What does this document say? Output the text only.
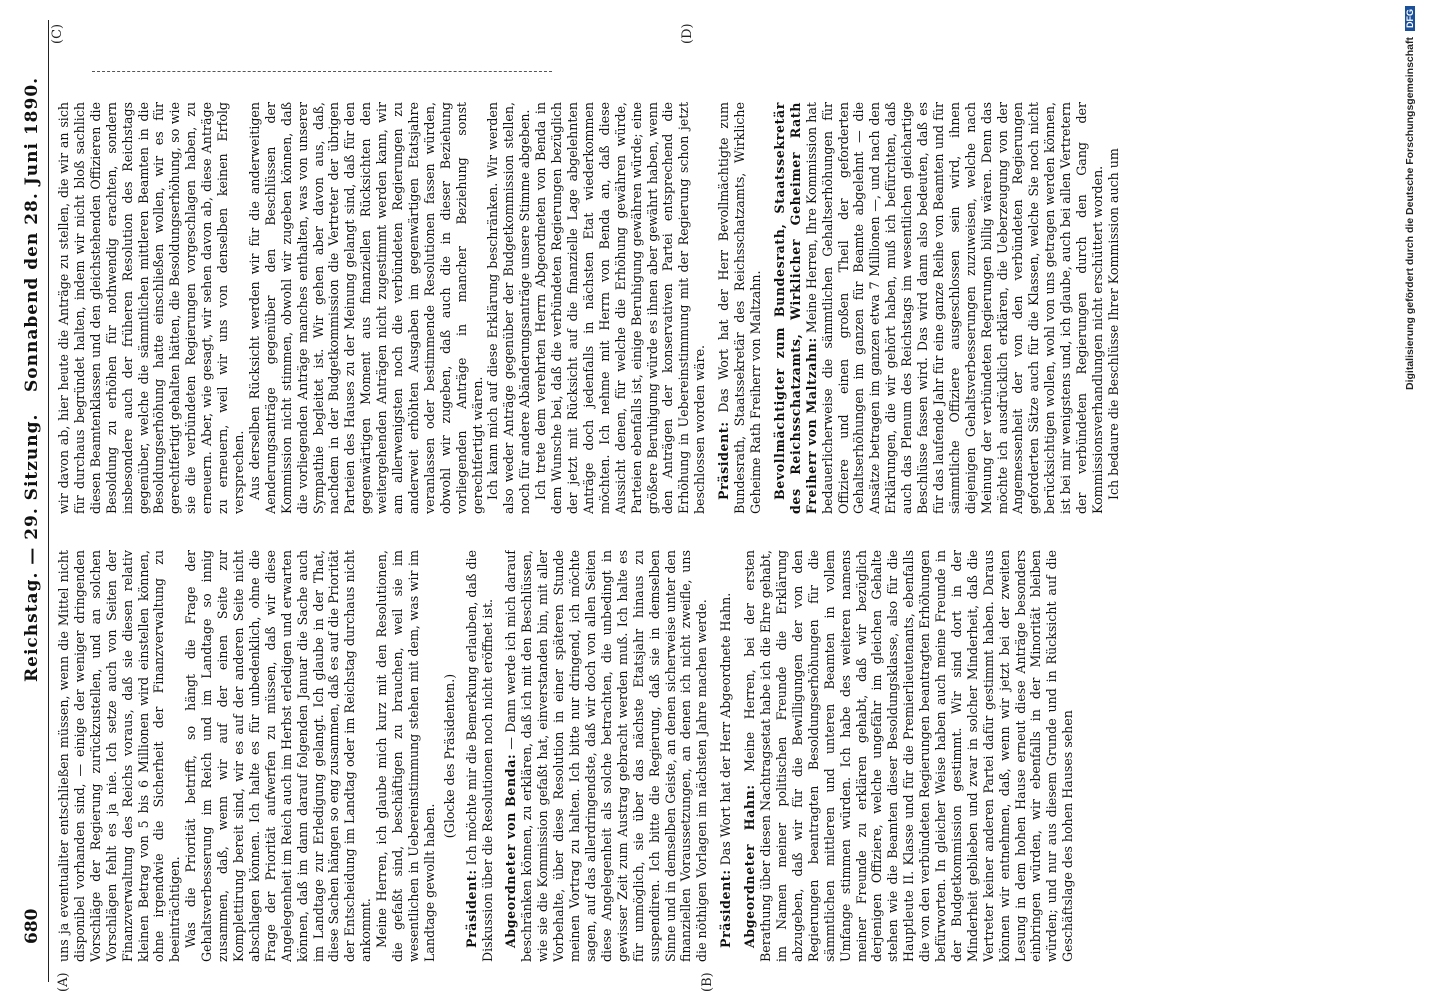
680
Reichstag. — 29. Sitzung.
Sonnabend den 28. Juni 1890.
(A)	(B)
(C)	(D)

uns ja eventualiter entschließen müssen, wenn die Mittel nicht disponibel vorhanden sind, — einige der weniger dringenden Vorschläge der Regierung zurückzustellen, und an solchen Vorschlägen fehlt es ja nie. Ich setze auch von Seiten der Finanzverwaltung des Reichs voraus, daß sie diesen relativ kleinen Betrag von 5 bis 6 Millionen wird einstellen können, ohne irgendwie die Sicherheit der Finanzverwaltung zu beeinträchtigen. Was die Priorität betrifft, so hängt die Frage der Gehaltsverbesserung im Reich und im Landtage so innig zusammen, daß, wenn wir auf der einen Seite zur Komplettirung bereit sind, wir es auf der anderen Seite nicht abschlagen können. Ich halte es für unbedenklich, ohne die Frage der Priorität aufwerfen zu müssen, daß wir diese Angelegenheit im Reich auch im Herbst erledigen und erwarten können, daß im dann darauf folgenden Januar die Sache auch im Landtage zur Erledigung gelangt. Ich glaube in der That, diese Sachen hängen so eng zusammen, daß es auf die Priorität der Entscheidung im Landtag oder im Reichstag durchaus nicht ankommt. Meine Herren, ich glaube mich kurz mit den Resolutionen, die gefaßt sind, beschäftigen zu brauchen, weil sie im wesentlichen in Uebereinstimmung stehen mit dem, was wir im Landtage gewollt haben.

(Glocke des Präsidenten.)

Präsident: Ich möchte mir die Bemerkung erlauben, daß die Diskussion über die Resolutionen noch nicht eröffnet ist. Abgeordneter von Benda: — Dann werde ich mich darauf beschränken können, zu erklären, daß ich mit den Beschlüssen, wie sie die Kommission gefaßt hat, einverstanden bin, mit aller Vorbehalte, über diese Resolution in einer späteren Stunde meinen Vortrag zu halten. Ich bitte nur dringend, ich möchte sagen, auf das allerdringendste, daß wir doch von allen Seiten diese Angelegenheit als solche betrachten, die unbedingt in gewisser Zeit zum Austrag gebracht werden muß. Ich halte es für unmöglich, sie über das nächste Etatsjahr hinaus zu suspendiren. Ich bitte die Regierung, daß sie in demselben Sinne und in demselben Geiste, an denen sicherweise unter den finanziellen Voraussetzungen, an denen ich nicht zweifle, uns die nöthigen Vorlagen im nächsten Jahre machen werde. Präsident: Das Wort hat der Herr Abgeordnete Hahn.

Abgeordneter Hahn: Meine Herren, bei der ersten Berathung über diesen Nachtragsetat habe ich die Ehre gehabt, im Namen meiner politischen Freunde die Erklärung abzugeben, daß wir für die Bewilligungen der von den Regierungen beantragten Besoldungserhöhungen für die sämmtlichen mittleren und unteren Beamten in vollem Umfange stimmen würden. Ich habe des weiteren namens meiner Freunde zu erklären gehabt, daß wir bezüglich derjenigen Offiziere, welche ungefähr im gleichen Gehalte stehen wie die Beamten dieser Besoldungsklasse, also für die Hauptleute II. Klasse und für die Premierlieutenants, ebenfalls die von den verbündeten Regierungen beantragten Erhöhungen befürworten. In gleicher Weise haben auch meine Freunde in der Budgetkommission gestimmt. Wir sind dort in der Minderheit geblieben und zwar in solcher Minderheit, daß die Vertreter keiner anderen Partei dafür gestimmt haben. Daraus können wir entnehmen, daß, wenn wir jetzt bei der zweiten Lesung in dem hohen Hause erneut diese Anträge besonders einbringen würden, wir ebenfalls in der Minorität bleiben würden; und nur aus diesem Grunde und in Rücksicht auf die Geschäftslage des hohen Hauses sehen

wir davon ab, hier heute die Anträge zu stellen, die wir an sich für durchaus begründet halten, indem wir nicht bloß sachlich diesen Beamtenklassen und den gleichstehenden Offizieren die Besoldung zu erhöhen für nothwendig erachten, sondern insbesondere auch der früheren Resolution des Reichstags gegenüber, welche die sämmtlichen mittleren Beamten in die Besoldungserhöhung hatte einschließen wollen, wir es für gerechtfertigt gehalten hätten, die Besoldungserhöhung, so wie sie die verbündeten Regierungen vorgeschlagen haben, zu erneuern. Aber, wie gesagt, wir sehen davon ab, diese Anträge zu erneuern, weil wir uns von denselben keinen Erfolg versprechen. Aus derselben Rücksicht werden wir für die anderweitigen Aenderungsanträge gegenüber den Beschlüssen der Kommission nicht stimmen, obwohl wir zugeben können, daß die vorliegenden Anträge manches enthalten, was von unserer Sympathie begleitet ist. Wir gehen aber davon aus, daß, nachdem in der Budgetkommission die Vertreter der übrigen Parteien des Hauses zu der Meinung gelangt sind, daß für den gegenwärtigen Moment aus finanziellen Rücksichten den weitergehenden Anträgen nicht zugestimmt werden kann, wir am allerwenigsten noch die verbündeten Regierungen zu anderweit erhöhten Ausgaben im gegenwärtigen Etatsjahre veranlassen oder bestimmende Resolutionen fassen würden, obwohl wir zugeben, daß auch die in dieser Beziehung vorliegenden Anträge in mancher Beziehung sonst gerechtfertigt wären. Ich kann mich auf diese Erklärung beschränken. Wir werden also weder Anträge gegenüber der Budgetkommission stellen, noch für andere Abänderungsanträge unsere Stimme abgeben. Ich trete dem verehrten Herrn Abgeordneten von Benda in dem Wunsche bei, daß die verbündeten Regierungen bezüglich der jetzt mit Rücksicht auf die finanzielle Lage abgelehnten Anträge doch jedenfalls in nächsten Etat wiederkommen möchten. Ich nehme mit Herrn von Benda an, daß diese Aussicht denen, für welche die Erhöhung gewähren würde, Parteien ebenfalls ist, einige Beruhigung gewähren würde; eine größere Beruhigung würde es ihnen aber gewährt haben, wenn den Anträgen der konservativen Partei entsprechend die Erhöhung in Uebereinstimmung mit der Regierung schon jetzt beschlossen worden wäre. Präsident: Das Wort hat der Herr Bevollmächtigte zum Bundesrath, Staatssekretär des Reichsschatzamts, Wirkliche Geheime Rath Freiherr von Maltzahn. Bevollmächtigter zum Bundesrath, Staatssekretär des Reichsschatzamts, Wirklicher Geheimer Rath Freiherr von Maltzahn: Meine Herren, Ihre Kommission hat bedauerlicherweise die sämmtlichen Gehaltserhöhungen für Offiziere und einen großen Theil der geforderten Gehaltserhöhungen im ganzen für Beamte abgelehnt — die Ansätze betragen im ganzen etwa 7 Millionen —, und nach den Erklärungen, die wir gehört haben, muß ich befürchten, daß auch das Plenum des Reichstags im wesentlichen gleichartige Beschlüsse fassen wird. Das wird dann also bedeuten, daß es für das laufende Jahr für eine ganze Reihe von Beamten und für sämmtliche Offiziere ausgeschlossen sein wird, ihnen diejenigen Gehaltsverbesserungen zuzuweisen, welche nach Meinung der verbündeten Regierungen billig wären. Denn das möchte ich ausdrücklich erklären, die Ueberzeugung von der Angemessenheit der von den verbündeten Regierungen geforderten Sätze auch für die Klassen, welche Sie noch nicht berücksichtigen wollen, wohl von uns getragen werden können, ist bei mir wenigstens und, ich glaube, auch bei allen Vertretern der verbündeten Regierungen durch den Gang der Kommissionsverhandlungen nicht erschüttert worden. Ich bedaure die Beschlüsse Ihrer Kommission auch um	Digitalisierung gefördert durch die Deutsche ForschungsgemeinschaftDFG
